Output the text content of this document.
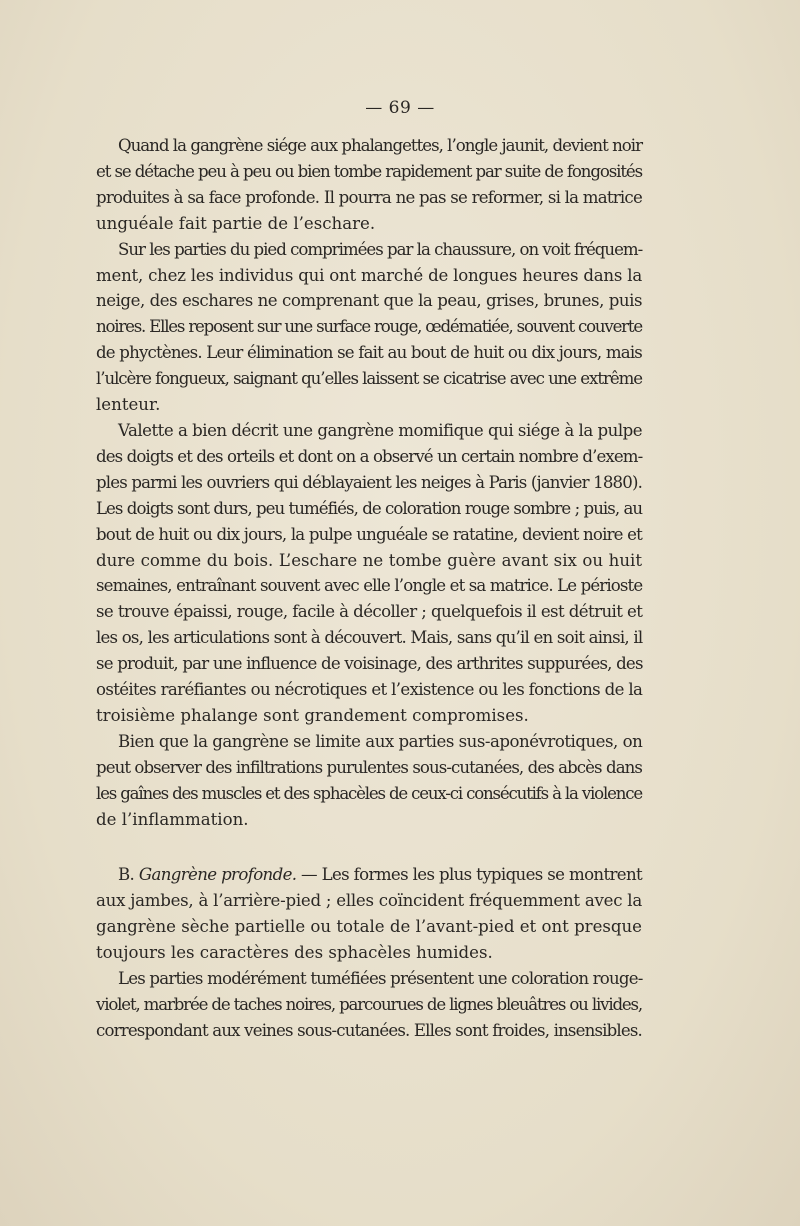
— 69 —
Quand la gangrène siége aux phalangettes, l’ongle jaunit, devient noir
et se détache peu à peu ou bien tombe rapidement par suite de fongosités
produites à sa face profonde. Il pourra ne pas se reformer, si la matrice
unguéale fait partie de l’eschare.
Sur les parties du pied comprimées par la chaussure, on voit fréquem-
ment, chez les individus qui ont marché de longues heures dans la
neige, des eschares ne comprenant que la peau, grises, brunes, puis
noires. Elles reposent sur une surface rouge, œdématiée, souvent couverte
de phyctènes. Leur élimination se fait au bout de huit ou dix jours, mais
l’ulcère fongueux, saignant qu’elles laissent se cicatrise avec une extrême
lenteur.
Valette a bien décrit une gangrène momifique qui siége à la pulpe
des doigts et des orteils et dont on a observé un certain nombre d’exem-
ples parmi les ouvriers qui déblayaient les neiges à Paris (janvier 1880).
Les doigts sont durs, peu tuméfiés, de coloration rouge sombre ; puis, au
bout de huit ou dix jours, la pulpe unguéale se ratatine, devient noire et
dure comme du bois. L’eschare ne tombe guère avant six ou huit
semaines, entraînant souvent avec elle l’ongle et sa matrice. Le périoste
se trouve épaissi, rouge, facile à décoller ; quelquefois il est détruit et
les os, les articulations sont à découvert. Mais, sans qu’il en soit ainsi, il
se produit, par une influence de voisinage, des arthrites suppurées, des
ostéites raréfiantes ou nécrotiques et l’existence ou les fonctions de la
troisième phalange sont grandement compromises.
Bien que la gangrène se limite aux parties sus-aponévrotiques, on
peut observer des infiltrations purulentes sous-cutanées, des abcès dans
les gaînes des muscles et des sphacèles de ceux-ci consécutifs à la violence
de l’inflammation.
B. Gangrène profonde. — Les formes les plus typiques se montrent
aux jambes, à l’arrière-pied ; elles coïncident fréquemment avec la
gangrène sèche partielle ou totale de l’avant-pied et ont presque
toujours les caractères des sphacèles humides.
Les parties modérément tuméfiées présentent une coloration rouge-
violet, marbrée de taches noires, parcourues de lignes bleuâtres ou livides,
correspondant aux veines sous-cutanées. Elles sont froides, insensibles.
